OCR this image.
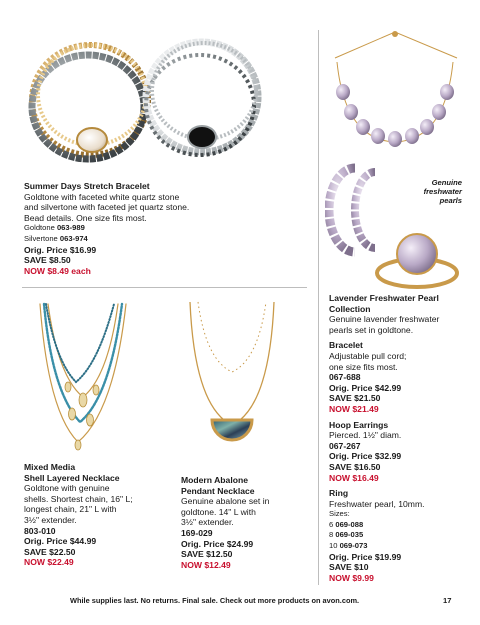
Summer Days Stretch Bracelet
Goldtone with faceted white quartz stone
and silvertone with faceted jet quartz stone.
Bead details. One size fits most.
Goldtone 063-989
Silvertone 063-974
Orig. Price $16.99
SAVE $8.50
NOW $8.49 each
Mixed Media
Shell Layered Necklace
Goldtone with genuine
shells. Shortest chain, 16" L;
longest chain, 21" L with
3½" extender.
803-010
Orig. Price $44.99
SAVE $22.50
NOW $22.49
Modern Abalone
Pendant Necklace
Genuine abalone set in
goldtone. 14" L with
3½" extender.
169-029
Orig. Price $24.99
SAVE $12.50
NOW $12.49
Genuine
freshwater
pearls
Lavender Freshwater Pearl
Collection
Genuine lavender freshwater
pearls set in goldtone.
Bracelet
Adjustable pull cord;
one size fits most.
067-688
Orig. Price $42.99
SAVE $21.50
NOW $21.49
Hoop Earrings
Pierced. 1½" diam.
067-267
Orig. Price $32.99
SAVE $16.50
NOW $16.49
Ring
Freshwater pearl, 10mm.
Sizes:
6 069-088
8 069-035
10 069-073
Orig. Price $19.99
SAVE $10
NOW $9.99
While supplies last. No returns. Final sale. Check out more products on avon.com.	17
